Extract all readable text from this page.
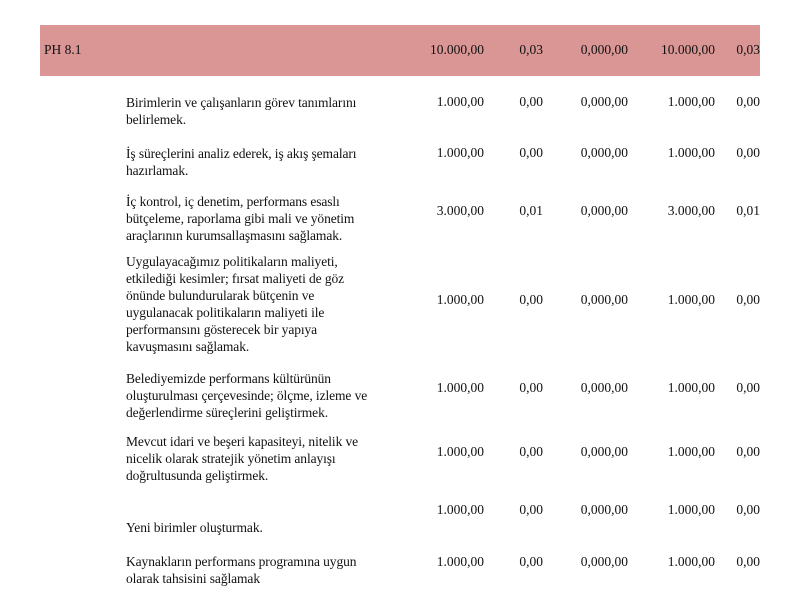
PH 8.1	10.000,00	0,03	0,000,00 10.000,00 0,03
Birimlerin ve çalışanların görev tanımlarını
belirlemek.
1.000,00	0,00	0,000,00	1.000,00 0,00
İş süreçlerini analiz ederek, iş akış şemaları
hazırlamak.
1.000,00	0,00	0,000,00	1.000,00 0,00
İç kontrol, iç denetim, performans esaslı
bütçeleme, raporlama gibi mali ve yönetim
araçlarının kurumsallaşmasını sağlamak.
3.000,00	0,01	0,000,00	3.000,00 0,01
Uygulayacağımız politikaların maliyeti,
etkilediği kesimler; fırsat maliyeti de göz
önünde bulundurularak bütçenin ve
uygulanacak politikaların maliyeti ile
performansını gösterecek bir yapıya
kavuşmasını sağlamak.
1.000,00	0,00	0,000,00	1.000,00 0,00
Belediyemizde performans kültürünün
oluşturulması çerçevesinde; ölçme, izleme ve
değerlendirme süreçlerini geliştirmek.
1.000,00	0,00	0,000,00	1.000,00 0,00
Mevcut idari ve beşeri kapasiteyi, nitelik ve
nicelik olarak stratejik yönetim anlayışı
doğrultusunda geliştirmek.
1.000,00	0,00	0,000,00	1.000,00 0,00
Yeni birimler oluşturmak.
1.000,00	0,00	0,000,00	1.000,00 0,00
Kaynakların performans programına uygun
olarak tahsisini sağlamak
1.000,00	0,00	0,000,00	1.000,00 0,00
